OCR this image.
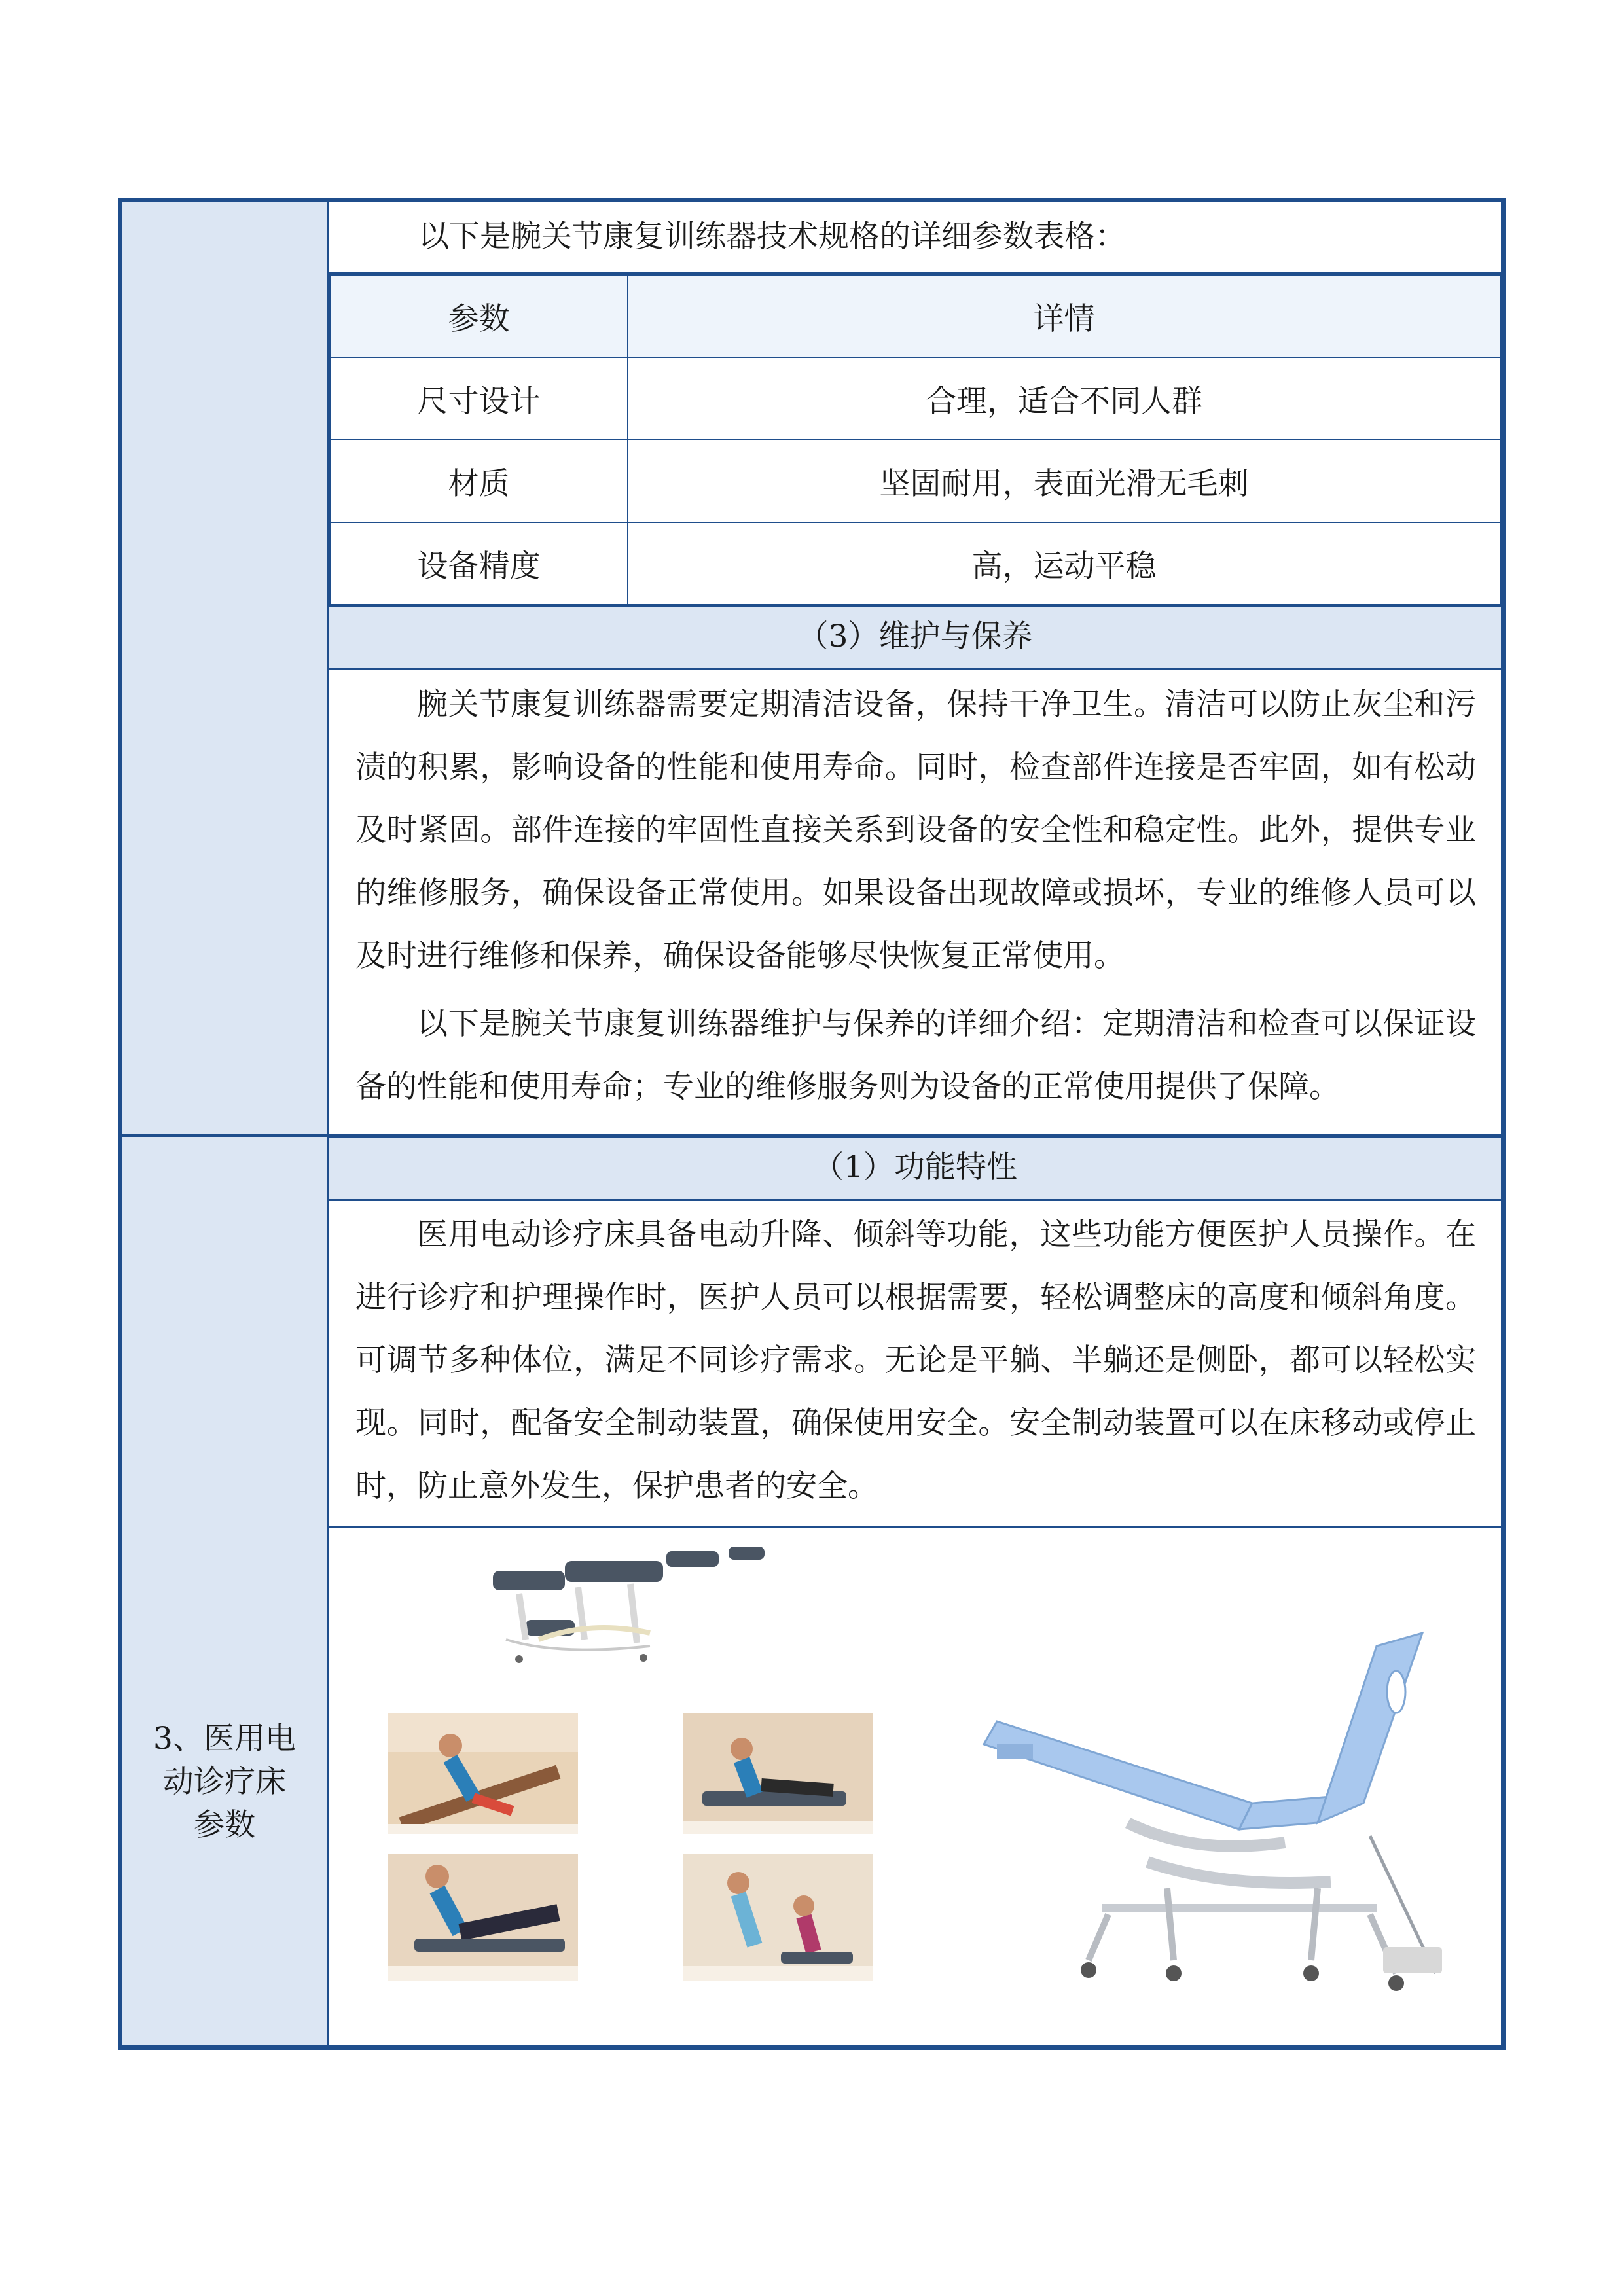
3、医用电
动诊疗床
参数
以下是腕关节康复训练器技术规格的详细参数表格：
参数	详情
尺寸设计	合理，适合不同人群
材质	坚固耐用，表面光滑无毛刺
设备精度	高，运动平稳
（3）维护与保养

腕关节康复训练器需要定期清洁设备，保持干净卫生。清洁可以防止灰尘和污渍的积累，影响设备的性能和使用寿命。同时，检查部件连接是否牢固，如有松动及时紧固。部件连接的牢固性直接关系到设备的安全性和稳定性。此外，提供专业的维修服务，确保设备正常使用。如果设备出现故障或损坏，专业的维修人员可以及时进行维修和保养，确保设备能够尽快恢复正常使用。

以下是腕关节康复训练器维护与保养的详细介绍：定期清洁和检查可以保证设备的性能和使用寿命；专业的维修服务则为设备的正常使用提供了保障。

（1）功能特性

医用电动诊疗床具备电动升降、倾斜等功能，这些功能方便医护人员操作。在进行诊疗和护理操作时，医护人员可以根据需要，轻松调整床的高度和倾斜角度。可调节多种体位，满足不同诊疗需求。无论是平躺、半躺还是侧卧，都可以轻松实现。同时，配备安全制动装置，确保使用安全。安全制动装置可以在床移动或停止时，防止意外发生，保护患者的安全。
